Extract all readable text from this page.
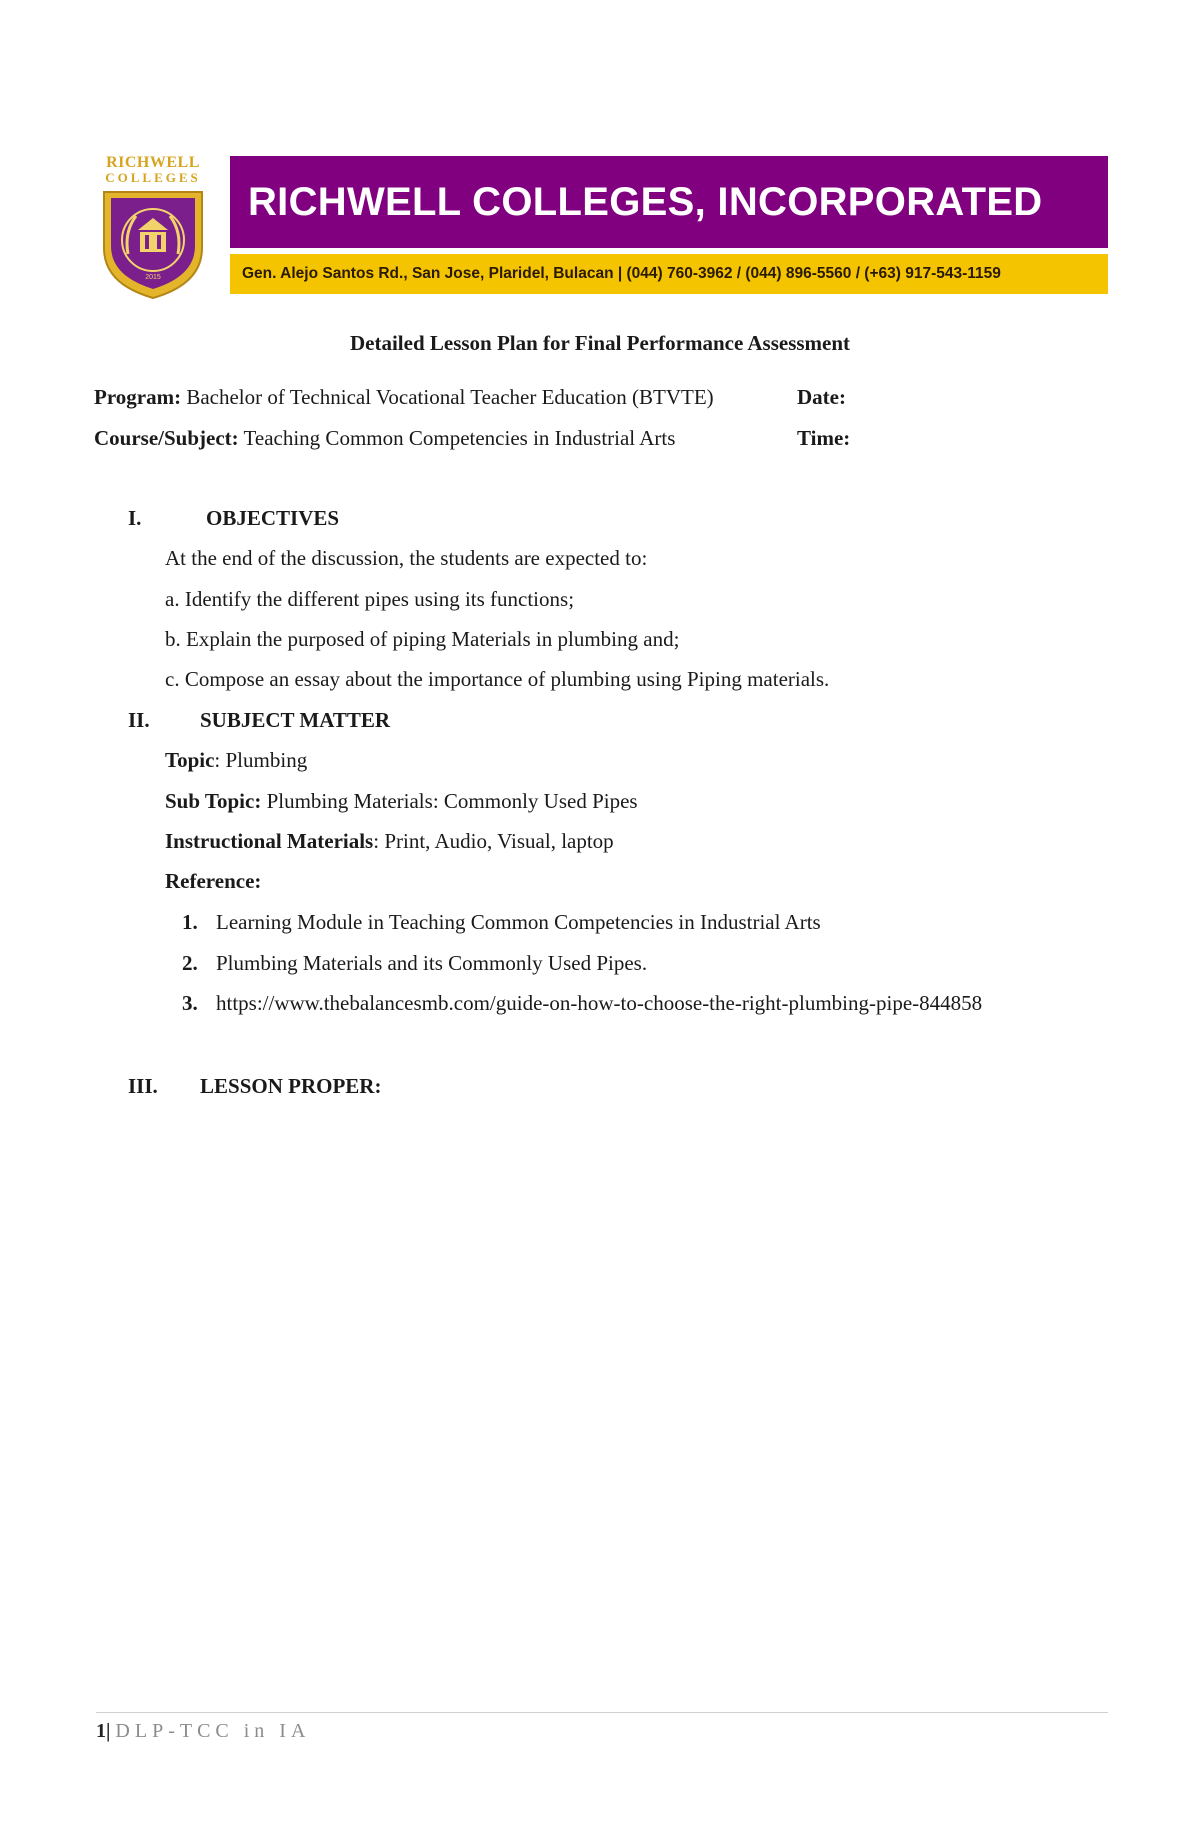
RICHWELL
COLLEGES
2015
RICHWELL COLLEGES, INCORPORATED
Gen. Alejo Santos Rd., San Jose, Plaridel, Bulacan | (044) 760-3962 / (044) 896-5560 / (+63) 917-543-1159
Detailed Lesson Plan for Final Performance Assessment
Program: Bachelor of Technical Vocational Teacher Education (BTVTE)	Date:
Course/Subject: Teaching Common Competencies in Industrial Arts	Time:
I.	OBJECTIVES
At the end of the discussion, the students are expected to:
a. Identify the different pipes using its functions;
b. Explain the purposed of piping Materials in plumbing and;
c. Compose an essay about the importance of plumbing using Piping materials.
II. SUBJECT MATTER
Topic: Plumbing
Sub Topic: Plumbing Materials: Commonly Used Pipes
Instructional Materials: Print, Audio, Visual, laptop
Reference:
1. Learning Module in Teaching Common Competencies in Industrial Arts
2. Plumbing Materials and its Commonly Used Pipes.
3. https://www.thebalancesmb.com/guide-on-how-to-choose-the-right-plumbing-pipe-844858
III. LESSON PROPER:
1| DLP-TCC in IA
